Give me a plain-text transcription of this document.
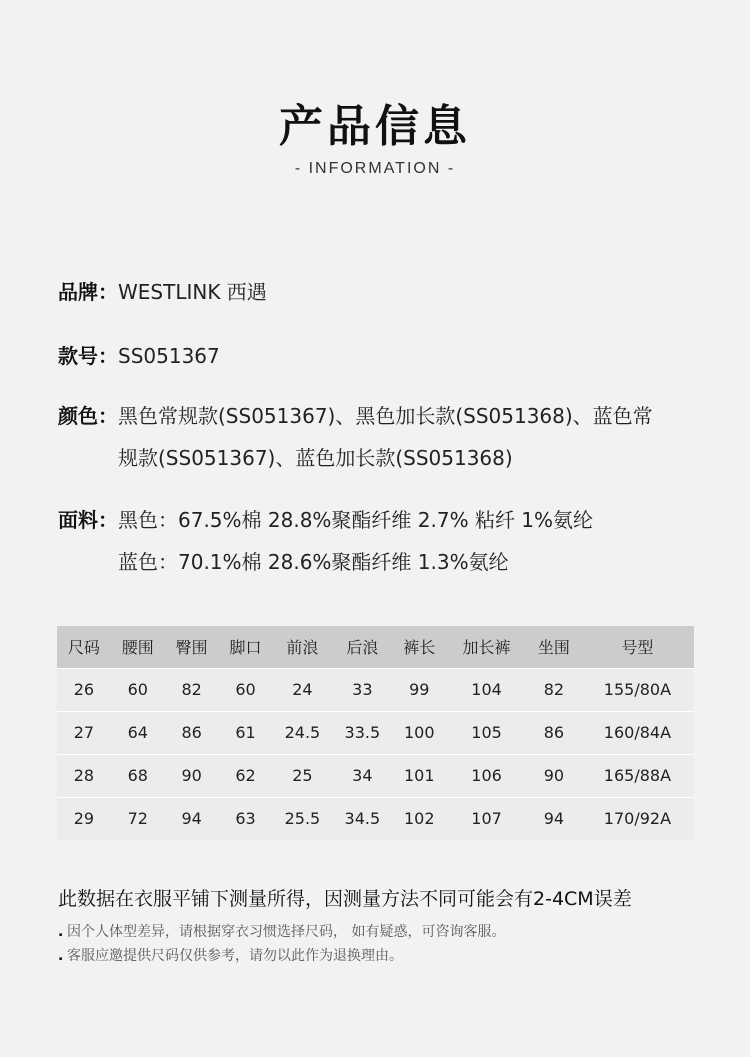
产品信息
- INFORMATION -
品牌： WESTLINK 西遇
款号： SS051367
颜色： 黑色常规款(SS051367)、黑色加长款(SS051368)、蓝色常
规款(SS051367)、蓝色加长款(SS051368)
面料： 黑色：67.5%棉 28.8%聚酯纤维 2.7% 粘纤 1%氨纶
蓝色：70.1%棉 28.6%聚酯纤维 1.3%氨纶
尺码	腰围	臀围	脚口	前浪	后浪	裤长	加长裤	坐围	号型
26	60	82	60	24	33	99	104	82	155/80A
27	64	86	61	24.5	33.5	100	105	86	160/84A
28	68	90	62	25	34	101	106	90	165/88A
29	72	94	63	25.5	34.5	102	107	94	170/92A
此数据在衣服平铺下测量所得，因测量方法不同可能会有2-4CM误差
. 因个人体型差异，请根据穿衣习惯选择尺码， 如有疑惑，可咨询客服。
. 客服应邀提供尺码仅供参考，请勿以此作为退换理由。
